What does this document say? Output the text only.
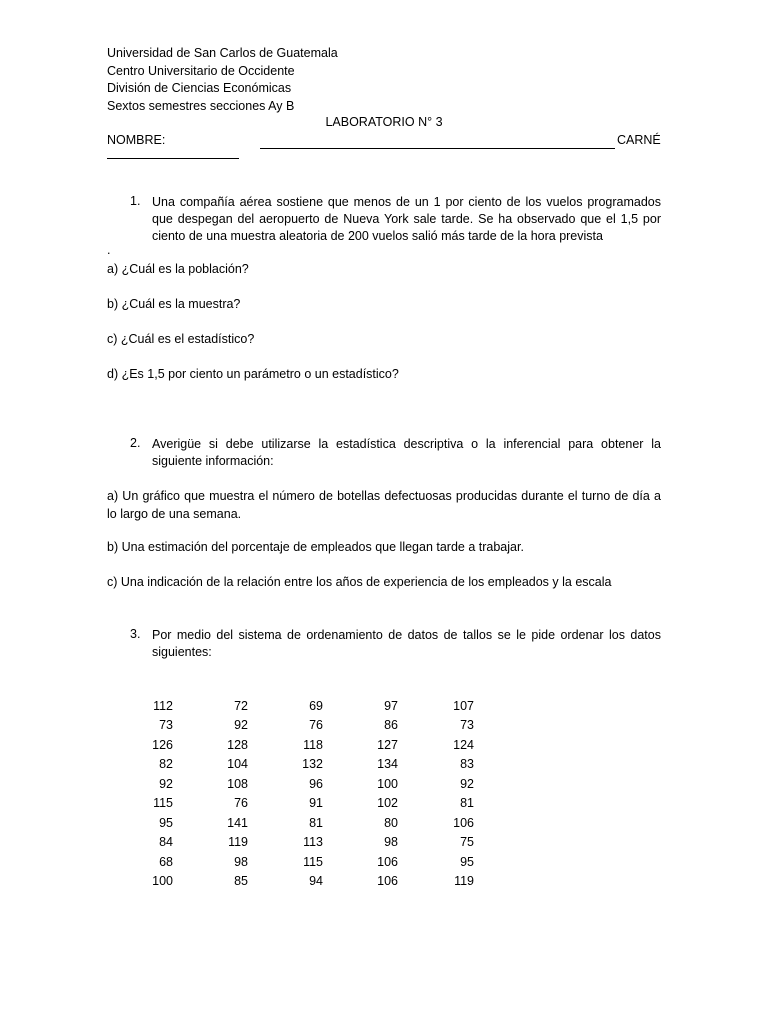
Universidad de San Carlos de Guatemala
Centro Universitario de Occidente
División de Ciencias Económicas
Sextos semestres secciones Ay B
LABORATORIO N° 3
NOMBRE:	CARNÉ
1. Una compañía aérea sostiene que menos de un 1 por ciento de los vuelos programados que despegan del aeropuerto de Nueva York sale tarde. Se ha observado que el 1,5 por ciento de una muestra aleatoria de 200 vuelos salió más tarde de la hora prevista
.
a) ¿Cuál es la población?
b) ¿Cuál es la muestra?
c) ¿Cuál es el estadístico?
d) ¿Es 1,5 por ciento un parámetro o un estadístico?
2. Averigüe si debe utilizarse la estadística descriptiva o la inferencial para obtener la siguiente información:
a) Un gráfico que muestra el número de botellas defectuosas producidas durante el turno de día a lo largo de una semana.
b) Una estimación del porcentaje de empleados que llegan tarde a trabajar.
c) Una indicación de la relación entre los años de experiencia de los empleados y la escala
3. Por medio del sistema de ordenamiento de datos de tallos se le pide ordenar los datos siguientes:
112	72	69	97	107
73	92	76	86	73
126	128	118	127	124
82	104	132	134	83
92	108	96	100	92
115	76	91	102	81
95	141	81	80	106
84	119	113	98	75
68	98	115	106	95
100	85	94	106	119
